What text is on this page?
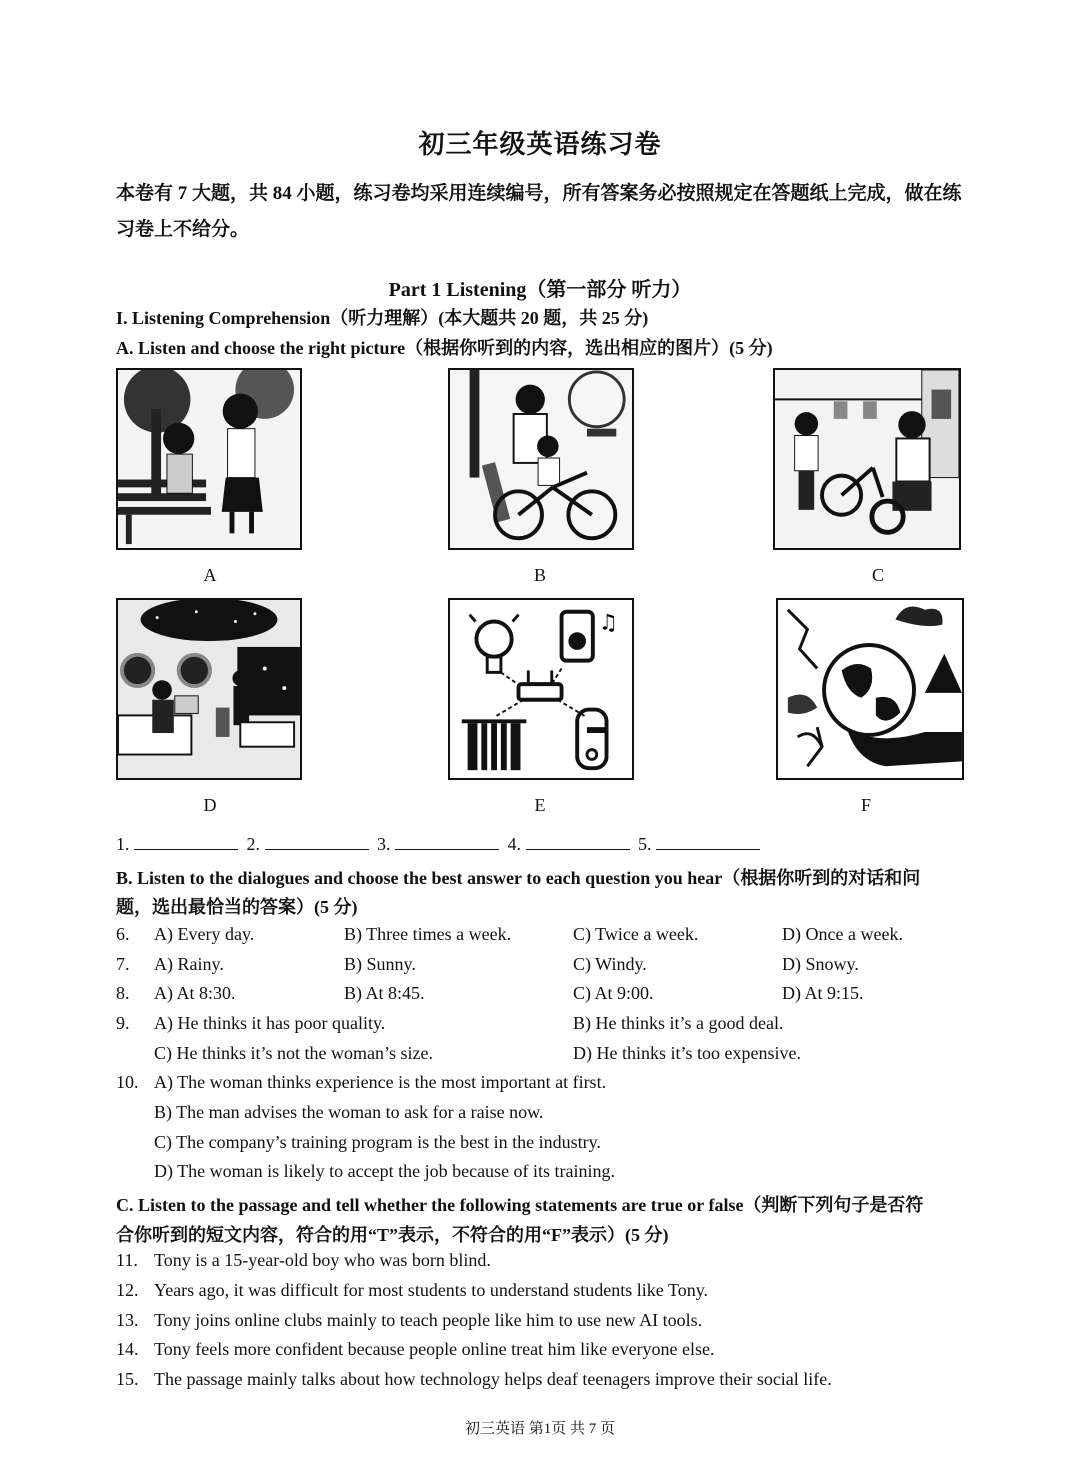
初三年级英语练习卷
本卷有 7 大题，共 84 小题，练习卷均采用连续编号，所有答案务必按照规定在答题纸上完成，做在练
习卷上不给分。
Part 1 Listening（第一部分 听力）
I. Listening Comprehension（听力理解）(本大题共 20 题，共 25 分)
A. Listen and choose the right picture（根据你听到的内容，选出相应的图片）(5 分)
A	B	C
♫
D	E	F
1.	2.	3.	4.	5.
B. Listen to the dialogues and choose the best answer to each question you hear（根据你听到的对话和问
题，选出最恰当的答案）(5 分)
6. A) Every day.	B) Three times a week.	C) Twice a week.	D) Once a week.
7. A) Rainy.	B) Sunny.	C) Windy.	D) Snowy.
8. A) At 8:30.	B) At 8:45.	C) At 9:00.	D) At 9:15.
9. A) He thinks it has poor quality.	B) He thinks it’s a good deal.
C) He thinks it’s not the woman’s size.	D) He thinks it’s too expensive.
10. A) The woman thinks experience is the most important at first.
B) The man advises the woman to ask for a raise now.
C) The company’s training program is the best in the industry.
D) The woman is likely to accept the job because of its training.
C. Listen to the passage and tell whether the following statements are true or false（判断下列句子是否符
合你听到的短文内容，符合的用“T”表示，不符合的用“F”表示）(5 分)
11. Tony is a 15-year-old boy who was born blind.
12. Years ago, it was difficult for most students to understand students like Tony.
13. Tony joins online clubs mainly to teach people like him to use new AI tools.
14. Tony feels more confident because people online treat him like everyone else.
15. The passage mainly talks about how technology helps deaf teenagers improve their social life.
初三英语 第1页 共 7 页
